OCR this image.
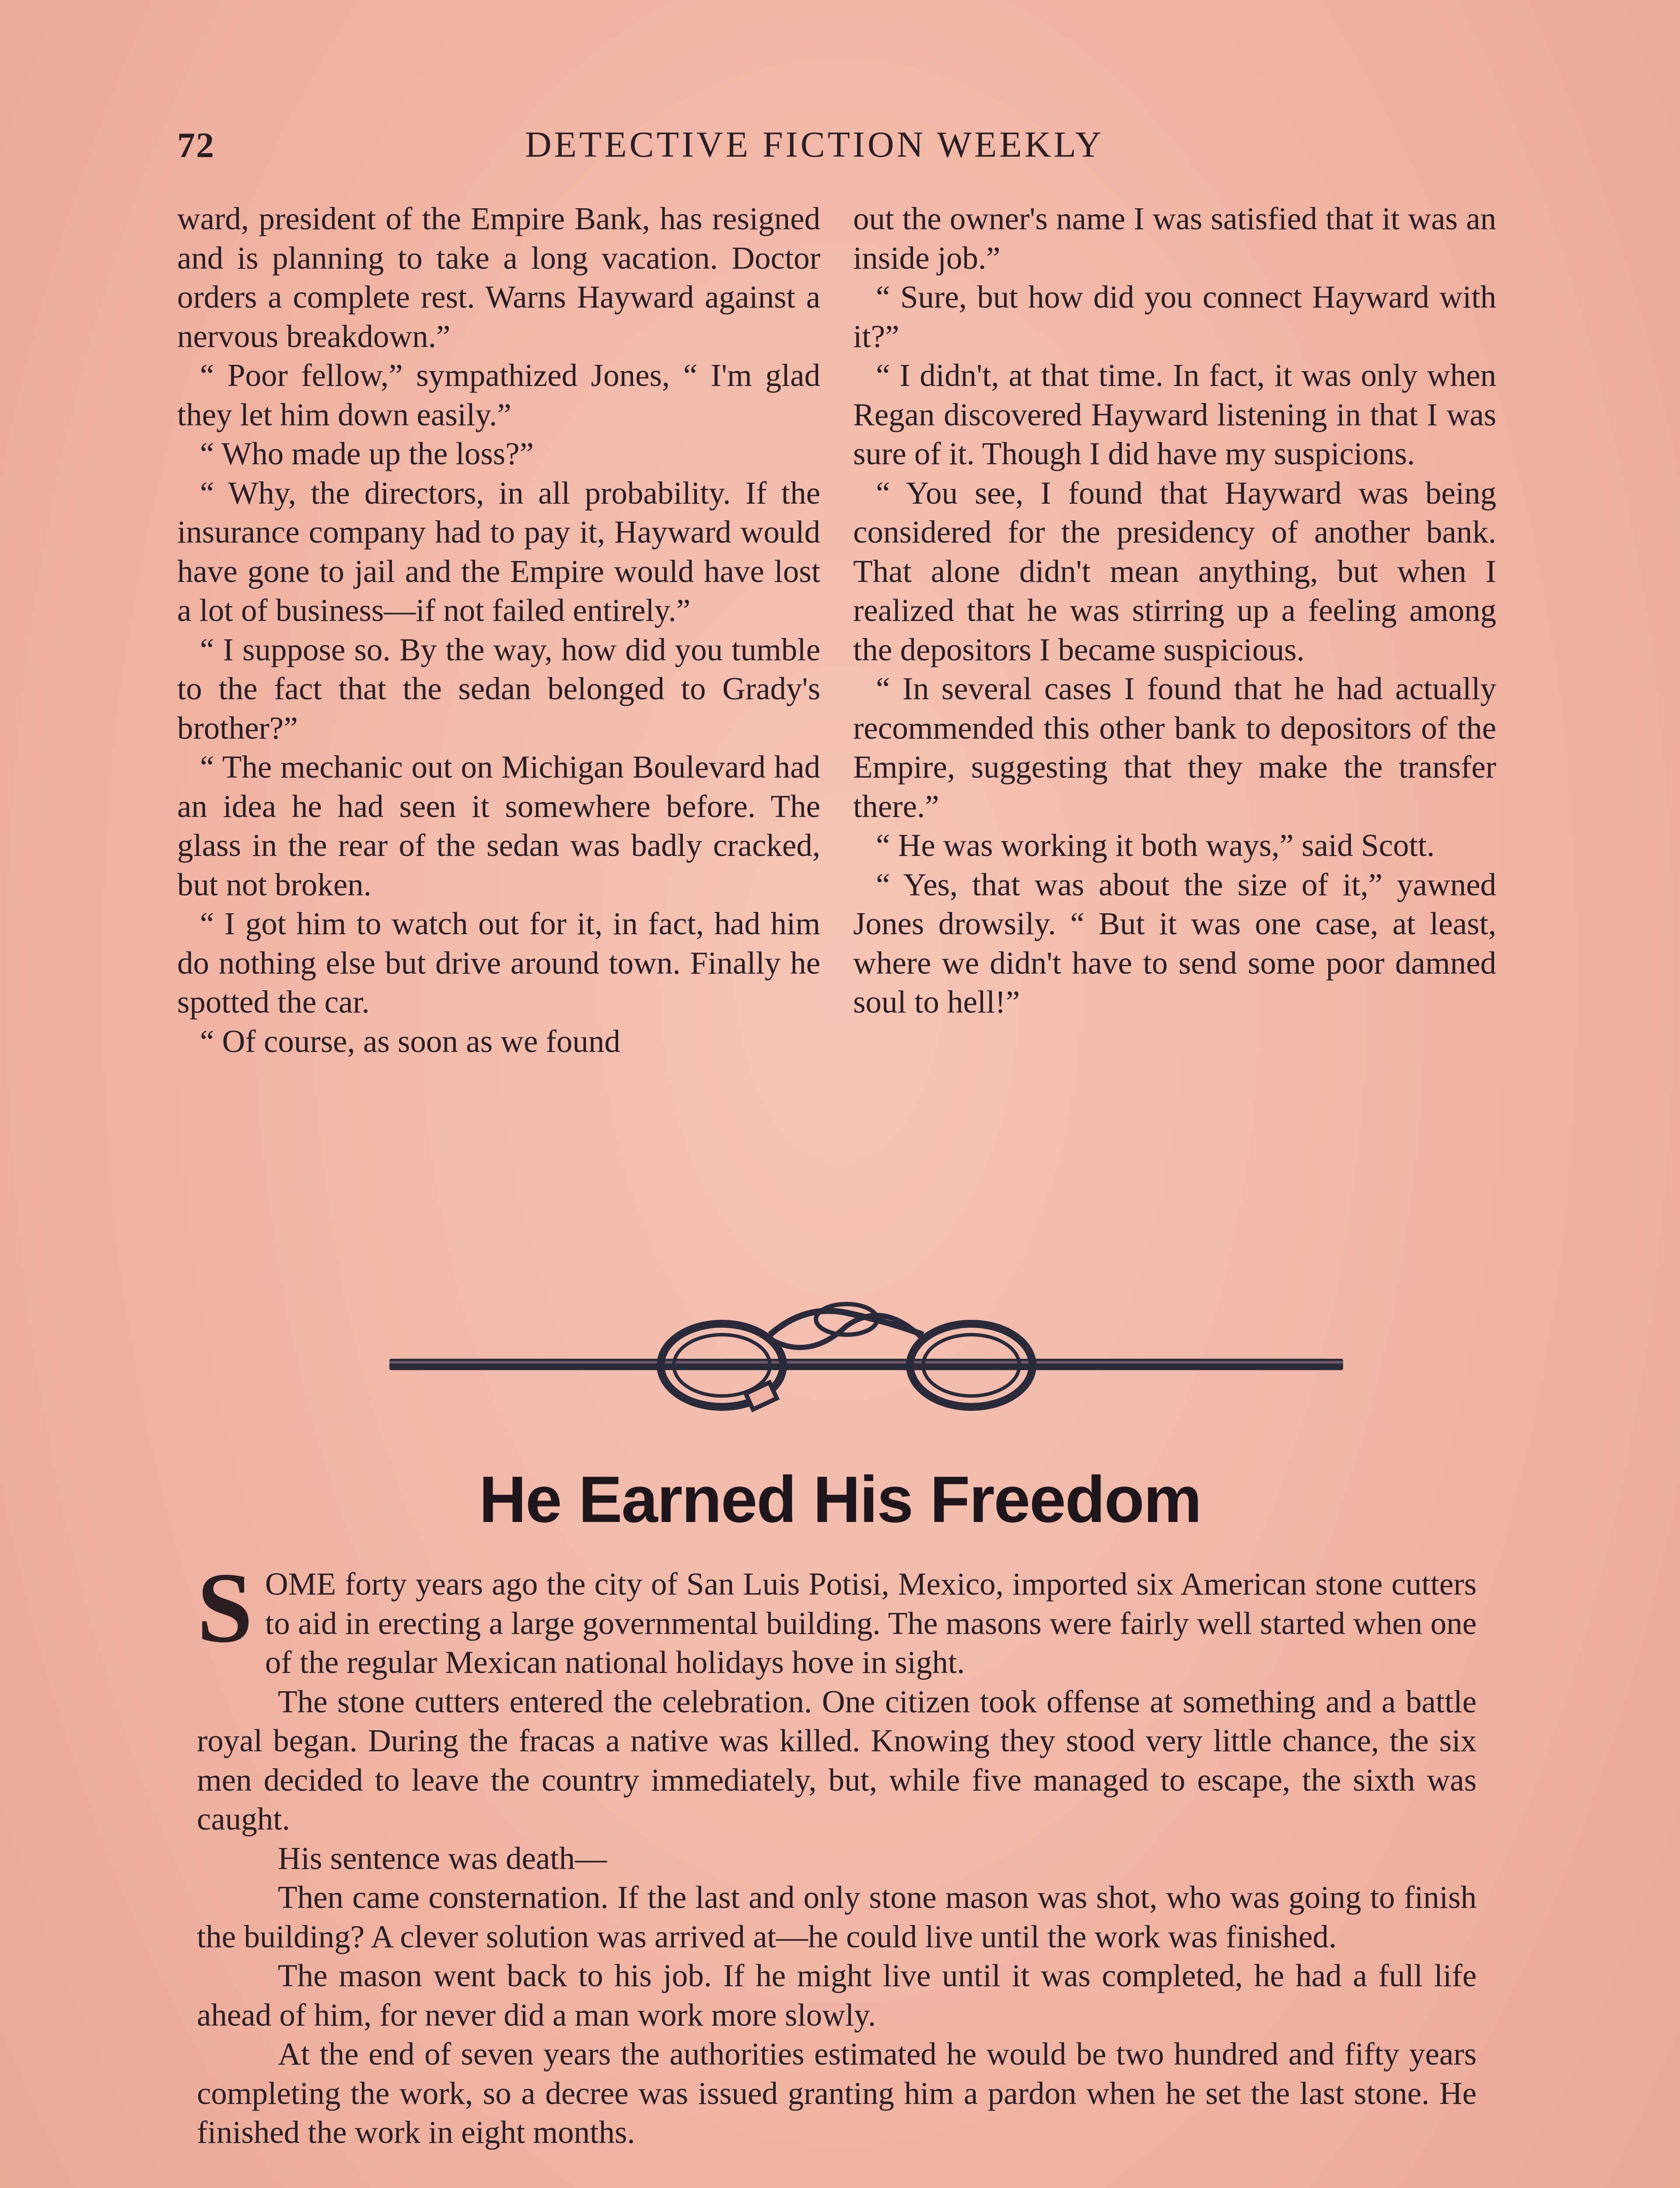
72	DETECTIVE FICTION WEEKLY

ward, president of the Empire Bank, has resigned and is planning to take a long vacation. Doctor orders a complete rest. Warns Hayward against a nervous breakdown.”

“ Poor fellow,” sympathized Jones, “ I'm glad they let him down easily.”

“ Who made up the loss?”

“ Why, the directors, in all probability. If the insurance company had to pay it, Hayward would have gone to jail and the Empire would have lost a lot of business—if not failed entirely.”

“ I suppose so. By the way, how did you tumble to the fact that the sedan belonged to Grady's brother?”

“ The mechanic out on Michigan Boulevard had an idea he had seen it somewhere before. The glass in the rear of the sedan was badly cracked, but not broken.

“ I got him to watch out for it, in fact, had him do nothing else but drive around town. Finally he spotted the car.

“ Of course, as soon as we found

out the owner's name I was satisfied that it was an inside job.”

“ Sure, but how did you connect Hayward with it?”

“ I didn't, at that time. In fact, it was only when Regan discovered Hayward listening in that I was sure of it. Though I did have my suspicions.

“ You see, I found that Hayward was being considered for the presidency of another bank. That alone didn't mean anything, but when I realized that he was stirring up a feeling among the depositors I became suspicious.

“ In several cases I found that he had actually recommended this other bank to depositors of the Empire, suggesting that they make the transfer there.”

“ He was working it both ways,” said Scott.

“ Yes, that was about the size of it,” yawned Jones drowsily. “ But it was one case, at least, where we didn't have to send some poor damned soul to hell!”

He Earned His Freedom

SOME forty years ago the city of San Luis Potisi, Mexico, imported six American stone cutters to aid in erecting a large governmental building. The masons were fairly well started when one of the regular Mexican national holidays hove in sight.

The stone cutters entered the celebration. One citizen took offense at something and a battle royal began. During the fracas a native was killed. Knowing they stood very little chance, the six men decided to leave the country immediately, but, while five managed to escape, the sixth was caught.

His sentence was death—

Then came consternation. If the last and only stone mason was shot, who was going to finish the building? A clever solution was arrived at—he could live until the work was finished.

The mason went back to his job. If he might live until it was completed, he had a full life ahead of him, for never did a man work more slowly.

At the end of seven years the authorities estimated he would be two hundred and fifty years completing the work, so a decree was issued granting him a pardon when he set the last stone. He finished the work in eight months.
